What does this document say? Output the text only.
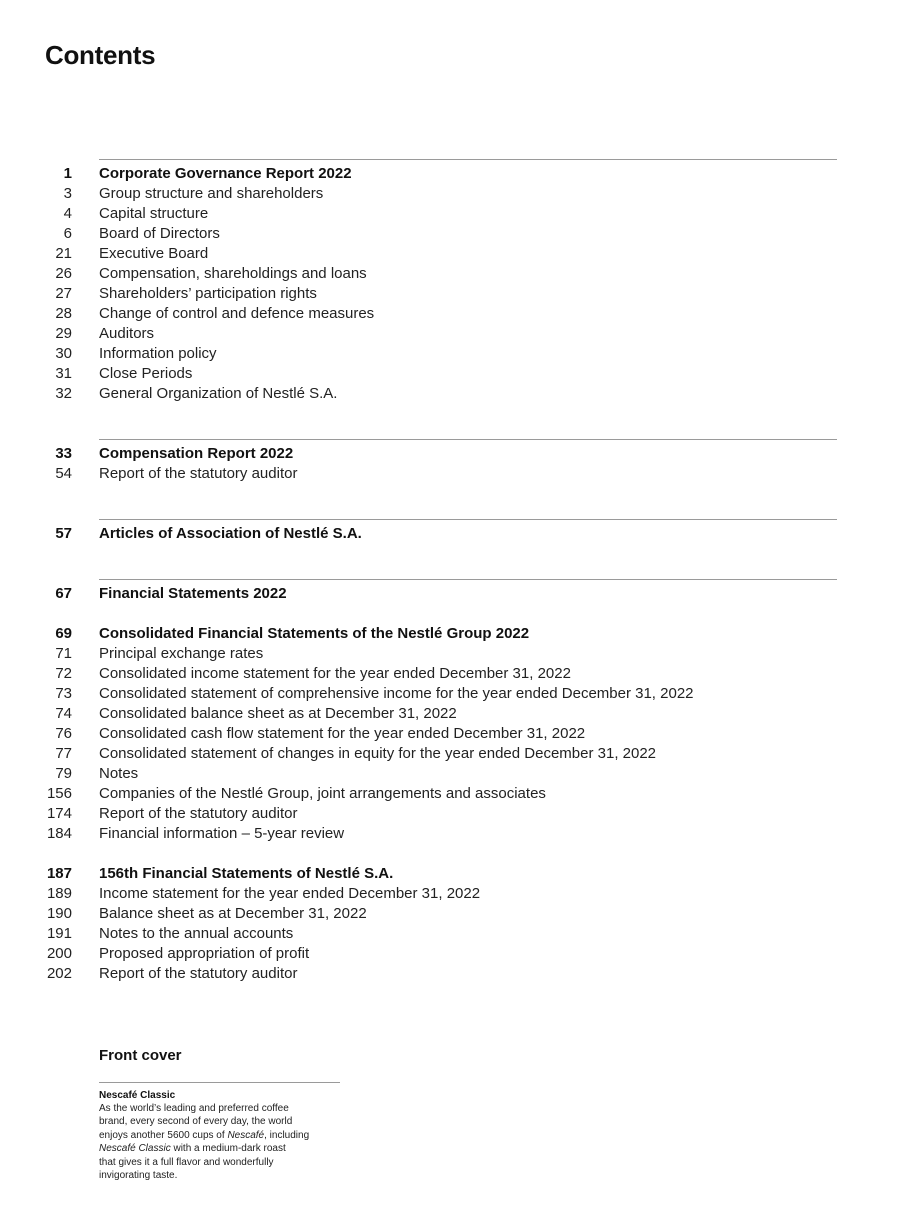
Contents
1 Corporate Governance Report 2022
3 Group structure and shareholders
4 Capital structure
6 Board of Directors
21 Executive Board
26 Compensation, shareholdings and loans
27 Shareholders’ participation rights
28 Change of control and defence measures
29 Auditors
30 Information policy
31 Close Periods
32 General Organization of Nestlé S.A.
33 Compensation Report 2022
54 Report of the statutory auditor
57 Articles of Association of Nestlé S.A.
67 Financial Statements 2022
69 Consolidated Financial Statements of the Nestlé Group 2022
71 Principal exchange rates
72 Consolidated income statement for the year ended December 31, 2022
73 Consolidated statement of comprehensive income for the year ended December 31, 2022
74 Consolidated balance sheet as at December 31, 2022
76 Consolidated cash flow statement for the year ended December 31, 2022
77 Consolidated statement of changes in equity for the year ended December 31, 2022
79 Notes
156 Companies of the Nestlé Group, joint arrangements and associates
174 Report of the statutory auditor
184 Financial information – 5-year review
187 156th Financial Statements of Nestlé S.A.
189 Income statement for the year ended December 31, 2022
190 Balance sheet as at December 31, 2022
191 Notes to the annual accounts
200 Proposed appropriation of profit
202 Report of the statutory auditor
Front cover
Nescafé Classic
As the world’s leading and preferred coffee
brand, every second of every day, the world
enjoys another 5600 cups of Nescafé, including
Nescafé Classic with a medium-dark roast
that gives it a full flavor and wonderfully
invigorating taste.
